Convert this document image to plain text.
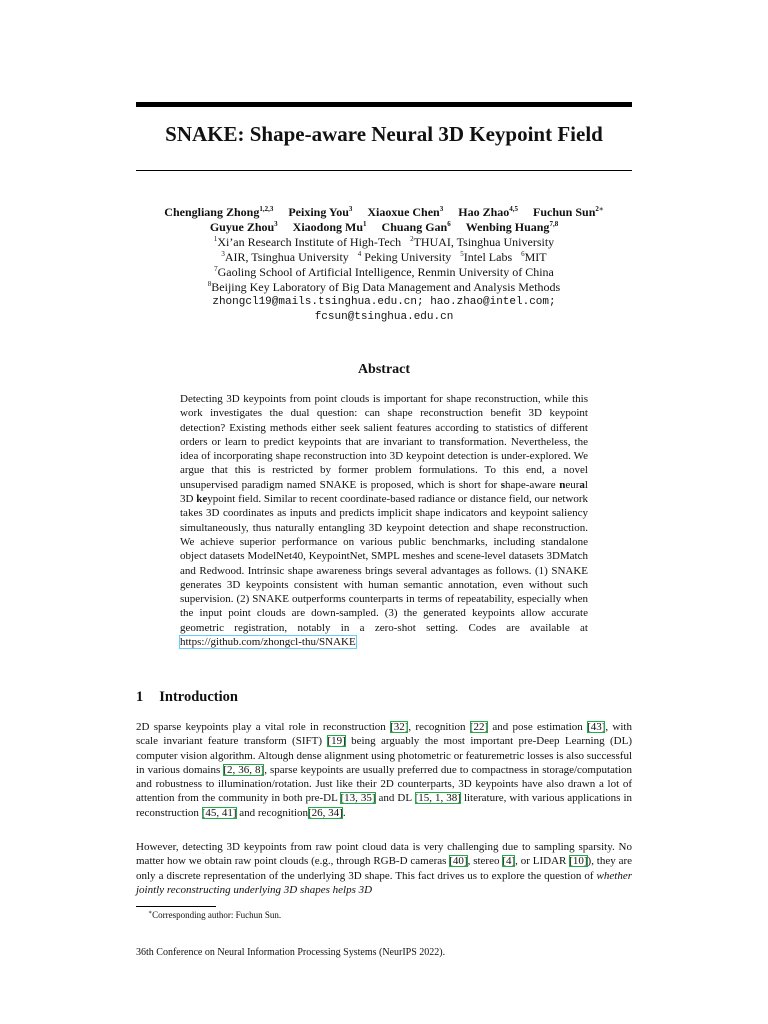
SNAKE: Shape-aware Neural 3D Keypoint Field
Chengliang Zhong$^{1,2,3}$ Peixing You$^3$ Xiaoxue Chen$^3$ Hao Zhao$^{4,5}$ Fuchun Sun$^{2∗}$
Guyue Zhou$^3$ Xiaodong Mu$^1$ Chuang Gan$^6$ Wenbing Huang$^{7,8}$
$^1$Xi’an Research Institute of High-Tech $^2$THUAI, Tsinghua University
$^3$AIR, Tsinghua University $^4$ Peking University $^5$Intel Labs $^6$MIT
$^7$Gaoling School of Artificial Intelligence, Renmin University of China
$^8$Beijing Key Laboratory of Big Data Management and Analysis Methods
zhongcl19@mails.tsinghua.edu.cn; hao.zhao@intel.com;
fcsun@tsinghua.edu.cn
Abstract
Detecting 3D keypoints from point clouds is important for shape reconstruction, while this work investigates the dual question: can shape reconstruction benefit 3D keypoint detection? Existing methods either seek salient features according to statistics of different orders or learn to predict keypoints that are invariant to transformation. Nevertheless, the idea of incorporating shape reconstruction into 3D keypoint detection is under-explored. We argue that this is restricted by former problem formulations. To this end, a novel unsupervised paradigm named SNAKE is proposed, which is short for shape-aware neural 3D keypoint field. Similar to recent coordinate-based radiance or distance field, our network takes 3D coordinates as inputs and predicts implicit shape indicators and keypoint saliency simultaneously, thus naturally entangling 3D keypoint detection and shape reconstruction. We achieve superior performance on various public benchmarks, including standalone object datasets ModelNet40, KeypointNet, SMPL meshes and scene-level datasets 3DMatch and Redwood. Intrinsic shape awareness brings several advantages as follows. (1) SNAKE generates 3D keypoints consistent with human semantic annotation, even without such supervision. (2) SNAKE outperforms counterparts in terms of repeatability, especially when the input point clouds are down-sampled. (3) the generated keypoints allow accurate geometric registration, notably in a zero-shot setting. Codes are available at https://github.com/zhongcl-thu/SNAKE
1 Introduction
2D sparse keypoints play a vital role in reconstruction [32], recognition [22] and pose estimation [43], with scale invariant feature transform (SIFT) [19] being arguably the most important pre-Deep Learning (DL) computer vision algorithm. Altough dense alignment using photometric or featuremetric losses is also successful in various domains [2, 36, 8], sparse keypoints are usually preferred due to compactness in storage/computation and robustness to illumination/rotation. Just like their 2D counterparts, 3D keypoints have also drawn a lot of attention from the community in both pre-DL [13, 35] and DL [15, 1, 38] literature, with various applications in reconstruction [45, 41] and recognition[26, 34].
However, detecting 3D keypoints from raw point cloud data is very challenging due to sampling sparsity. No matter how we obtain raw point clouds (e.g., through RGB-D cameras [40], stereo [4], or LIDAR [10]), they are only a discrete representation of the underlying 3D shape. This fact drives us to explore the question of whether jointly reconstructing underlying 3D shapes helps 3D
∗Corresponding author: Fuchun Sun.
36th Conference on Neural Information Processing Systems (NeurIPS 2022).
